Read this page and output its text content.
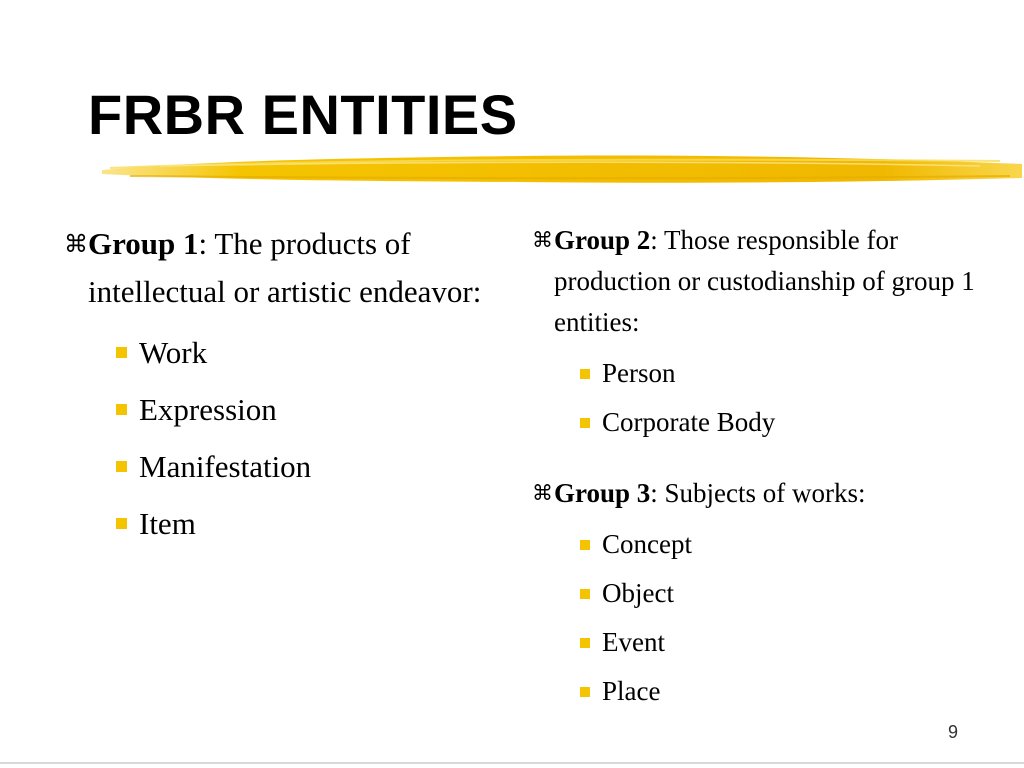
FRBR ENTITIES

⌘ Group 1: The products of intellectual or artistic endeavor:

Work
Expression
Manifestation
Item

⌘ Group 2: Those responsible for production or custodianship of group 1 entities:

Person
Corporate Body

⌘ Group 3: Subjects of works:

Concept
Object
Event
Place
9
